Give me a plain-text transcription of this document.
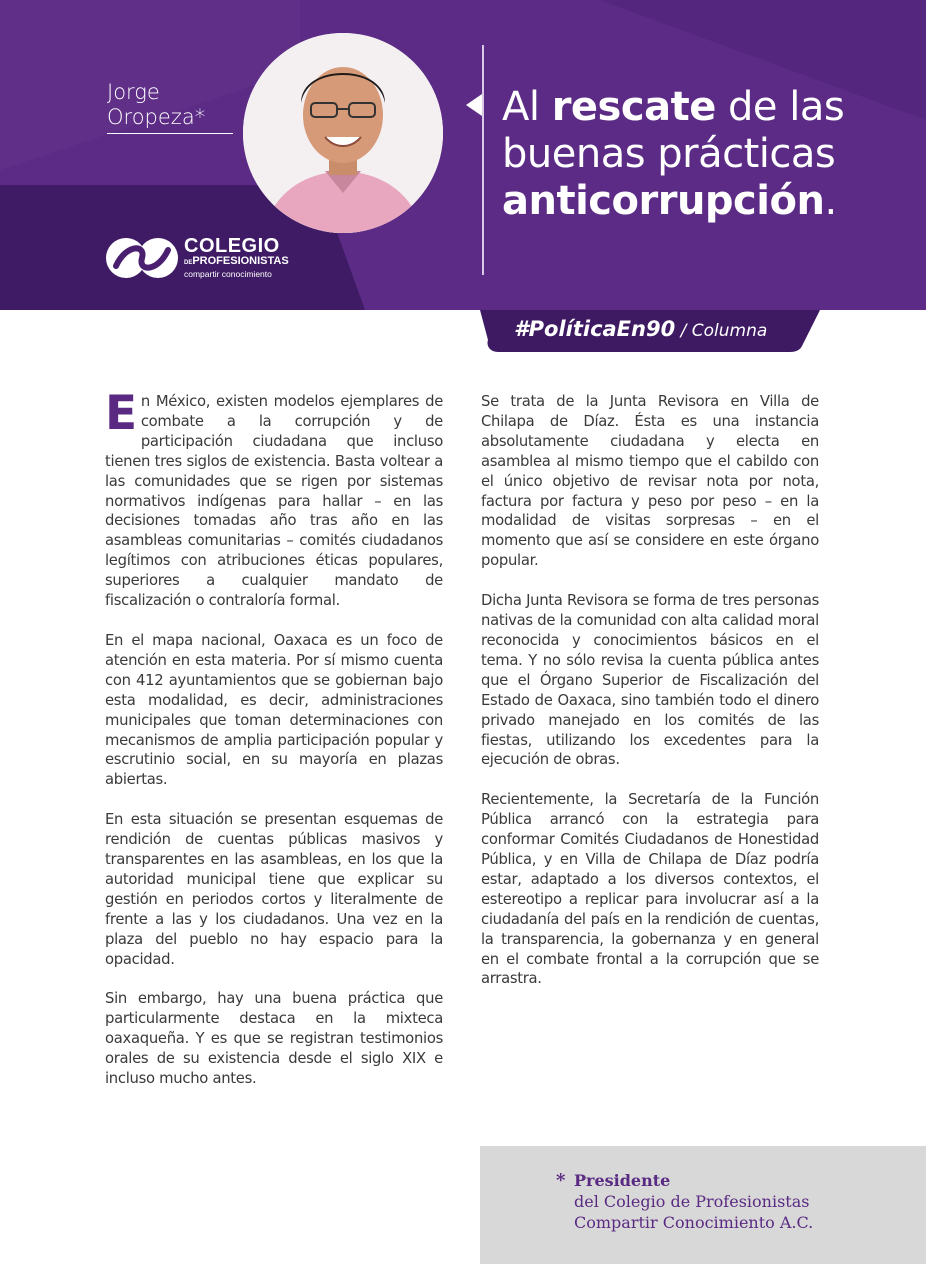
Jorge
Oropeza*
COLEGIO
DEPROFESIONISTAS
compartir conocimiento
Al rescate de las
buenas prácticas
anticorrupción.
#PolíticaEn90 / Columna

En México, existen modelos ejemplares de combate a la corrupción y de participación ciudadana que incluso tienen tres siglos de existencia. Basta voltear a las comunidades que se rigen por sistemas normativos indígenas para hallar – en las decisiones tomadas año tras año en las asambleas comunitarias – comités ciudadanos legítimos con atribuciones éticas populares, superiores a cualquier mandato de fiscalización o contraloría formal.

En el mapa nacional, Oaxaca es un foco de atención en esta materia. Por sí mismo cuenta con 412 ayuntamientos que se gobiernan bajo esta modalidad, es decir, administraciones municipales que toman determinaciones con mecanismos de amplia participación popular y escrutinio social, en su mayoría en plazas abiertas.

En esta situación se presentan esquemas de rendición de cuentas públicas masivos y transparentes en las asambleas, en los que la autoridad municipal tiene que explicar su gestión en periodos cortos y literalmente de frente a las y los ciudadanos. Una vez en la plaza del pueblo no hay espacio para la opacidad.

Sin embargo, hay una buena práctica que particularmente destaca en la mixteca oaxaqueña. Y es que se registran testimonios orales de su existencia desde el siglo XIX e incluso mucho antes.

Se trata de la Junta Revisora en Villa de Chilapa de Díaz. Ésta es una instancia absolutamente ciudadana y electa en asamblea al mismo tiempo que el cabildo con el único objetivo de revisar nota por nota, factura por factura y peso por peso – en la modalidad de visitas sorpresas – en el momento que así se considere en este órgano popular.

Dicha Junta Revisora se forma de tres personas nativas de la comunidad con alta calidad moral reconocida y conocimientos básicos en el tema. Y no sólo revisa la cuenta pública antes que el Órgano Superior de Fiscalización del Estado de Oaxaca, sino también todo el dinero privado manejado en los comités de las fiestas, utilizando los excedentes para la ejecución de obras.

Recientemente, la Secretaría de la Función Pública arrancó con la estrategia para conformar Comités Ciudadanos de Honestidad Pública, y en Villa de Chilapa de Díaz podría estar, adaptado a los diversos contextos, el estereotipo a replicar para involucrar así a la ciudadanía del país en la rendición de cuentas, la transparencia, la gobernanza y en general en el combate frontal a la corrupción que se arrastra.

* Presidente
del Colegio de Profesionistas
Compartir Conocimiento A.C.
